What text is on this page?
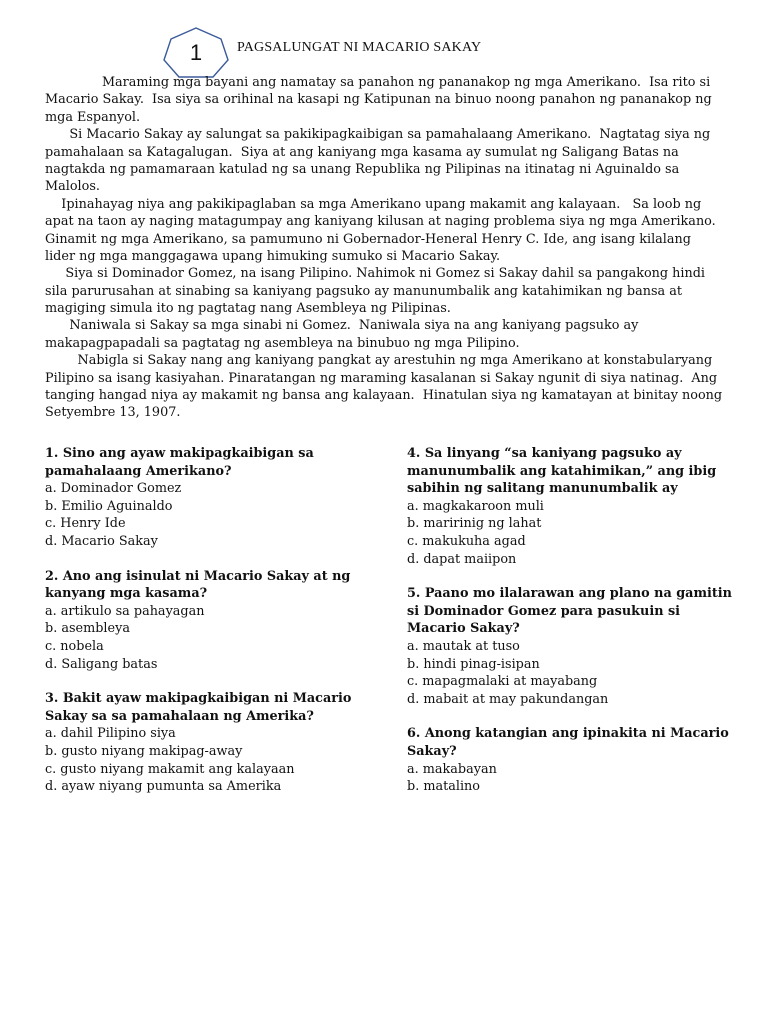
1	PAGSALUNGAT NI MACARIO SAKAY
Maraming mga bayani ang namatay sa panahon ng pananakop ng mga Amerikano.  Isa rito si
Macario Sakay.  Isa siya sa orihinal na kasapi ng Katipunan na binuo noong panahon ng pananakop ng
mga Espanyol.
Si Macario Sakay ay salungat sa pakikipagkaibigan sa pamahalaang Amerikano.  Nagtatag siya ng
pamahalaan sa Katagalugan.  Siya at ang kaniyang mga kasama ay sumulat ng Saligang Batas na
nagtakda ng pamamaraan katulad ng sa unang Republika ng Pilipinas na itinatag ni Aguinaldo sa
Malolos.
Ipinahayag niya ang pakikipaglaban sa mga Amerikano upang makamit ang kalayaan.   Sa loob ng
apat na taon ay naging matagumpay ang kaniyang kilusan at naging problema siya ng mga Amerikano.
Ginamit ng mga Amerikano, sa pamumuno ni Gobernador-Heneral Henry C. Ide, ang isang kilalang
lider ng mga manggagawa upang himuking sumuko si Macario Sakay.
Siya si Dominador Gomez, na isang Pilipino. Nahimok ni Gomez si Sakay dahil sa pangakong hindi
sila parurusahan at sinabing sa kaniyang pagsuko ay manunumbalik ang katahimikan ng bansa at
magiging simula ito ng pagtatag nang Asembleya ng Pilipinas.
Naniwala si Sakay sa mga sinabi ni Gomez.  Naniwala siya na ang kaniyang pagsuko ay
makapagpapadali sa pagtatag ng asembleya na binubuo ng mga Pilipino.
Nabigla si Sakay nang ang kaniyang pangkat ay arestuhin ng mga Amerikano at konstabularyang
Pilipino sa isang kasiyahan. Pinaratangan ng maraming kasalanan si Sakay ngunit di siya natinag.  Ang
tanging hangad niya ay makamit ng bansa ang kalayaan.  Hinatulan siya ng kamatayan at binitay noong
Setyembre 13, 1907.
1. Sino ang ayaw makipagkaibigan sa
pamahalaang Amerikano?
a. Dominador Gomez
b. Emilio Aguinaldo
c. Henry Ide
d. Macario Sakay
2. Ano ang isinulat ni Macario Sakay at ng
kanyang mga kasama?
a. artikulo sa pahayagan
b. asembleya
c. nobela
d. Saligang batas
3. Bakit ayaw makipagkaibigan ni Macario
Sakay sa sa pamahalaan ng Amerika?
a. dahil Pilipino siya
b. gusto niyang makipag-away
c. gusto niyang makamit ang kalayaan
d. ayaw niyang pumunta sa Amerika
4. Sa linyang “sa kaniyang pagsuko ay
manunumbalik ang katahimikan,” ang ibig
sabihin ng salitang manunumbalik ay
a. magkakaroon muli
b. maririnig ng lahat
c. makukuha agad
d. dapat maiipon
5. Paano mo ilalarawan ang plano na gamitin
si Dominador Gomez para pasukuin si
Macario Sakay?
a. mautak at tuso
b. hindi pinag-isipan
c. mapagmalaki at mayabang
d. mabait at may pakundangan
6. Anong katangian ang ipinakita ni Macario
Sakay?
a. makabayan
b. matalino
